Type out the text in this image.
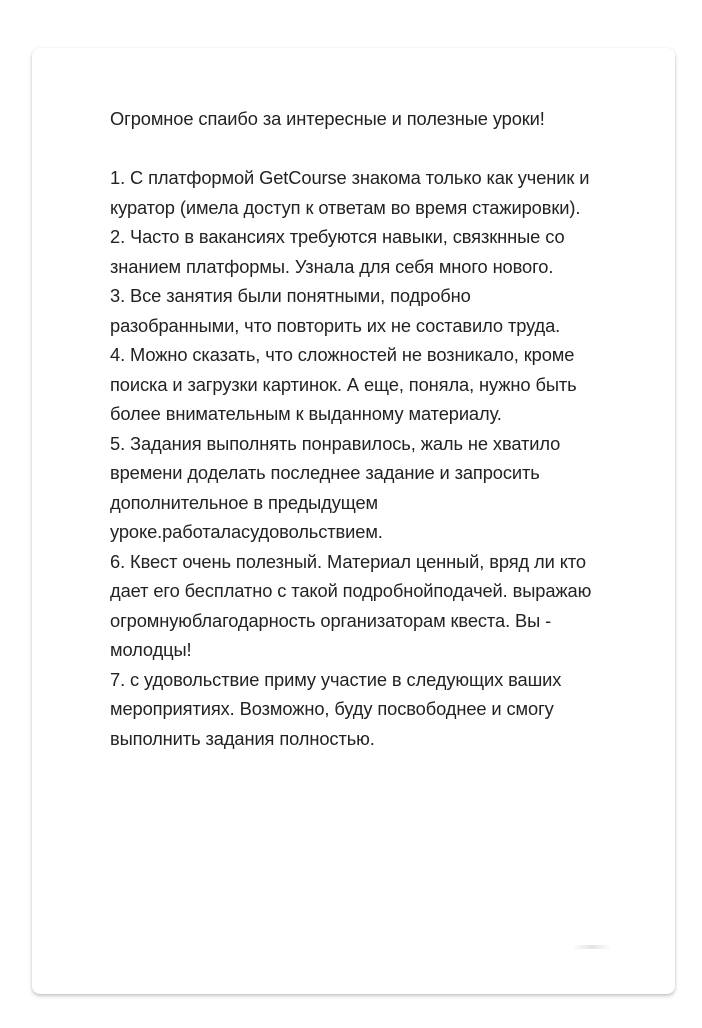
Огромное спаибо за интересные и полезные уроки!

1. С платформой GetCourse знакома только как ученик и куратор (имела доступ к ответам во время стажировки).

2. Часто в вакансиях требуются навыки, связкнные со знанием платформы. Узнала для себя много нового.

3. Все занятия были понятными, подробно разобранными, что повторить их не составило труда.

4. Можно сказать, что сложностей не возникало, кроме поиска и загрузки картинок. А еще, поняла, нужно быть более внимательным к выданному материалу.

5. Задания выполнять понравилось, жаль не хватило времени доделать последнее задание и запросить дополнительное в предыдущем уроке.работаласудовольствием.

6. Квест очень полезный. Материал ценный, вряд ли кто дает его бесплатно с такой подробнойподачей. выражаю огромнуюблагодарность организаторам квеста. Вы - молодцы!

7. с удовольствие приму участие в следующих ваших мероприятиях. Возможно, буду посвободнее и смогу выполнить задания полностью.
